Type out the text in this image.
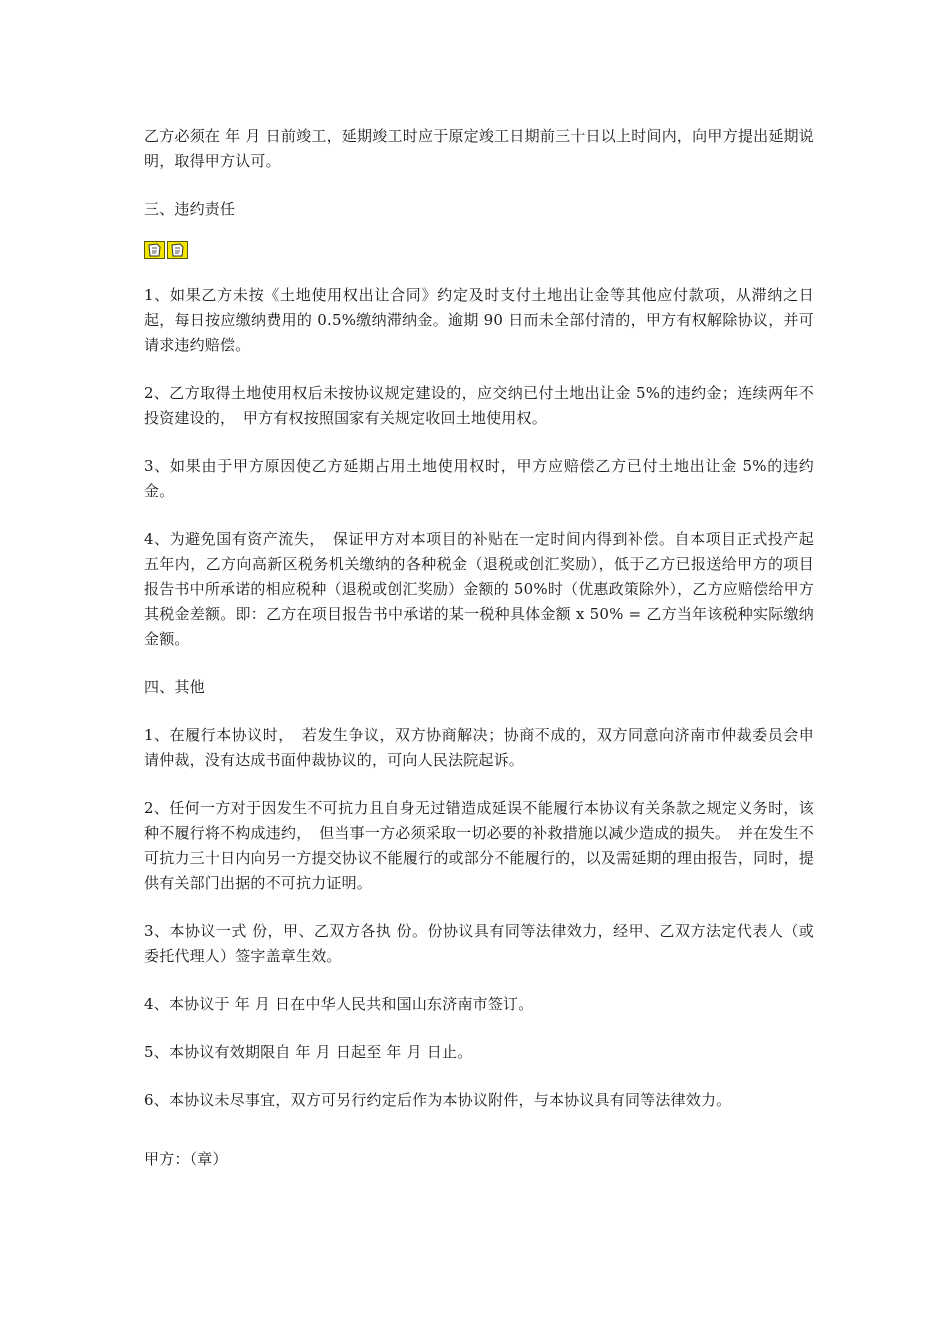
乙方必须在 年 月 日前竣工，延期竣工时应于原定竣工日期前三十日以上时间内，向甲方提出延期说明，取得甲方认可。

三、违约责任

1、如果乙方未按《土地使用权出让合同》约定及时支付土地出让金等其他应付款项，从滞纳之日起，每日按应缴纳费用的 0.5%缴纳滞纳金。逾期 90 日而未全部付清的，甲方有权解除协议，并可请求违约赔偿。

2、乙方取得土地使用权后未按协议规定建设的，应交纳已付土地出让金 5%的违约金；连续两年不投资建设的，　甲方有权按照国家有关规定收回土地使用权。

3、如果由于甲方原因使乙方延期占用土地使用权时，甲方应赔偿乙方已付土地出让金 5%的违约金。

4、为避免国有资产流失，　保证甲方对本项目的补贴在一定时间内得到补偿。自本项目正式投产起五年内，乙方向高新区税务机关缴纳的各种税金（退税或创汇奖励），低于乙方已报送给甲方的项目报告书中所承诺的相应税种（退税或创汇奖励）金额的 50%时（优惠政策除外），乙方应赔偿给甲方其税金差额。即：乙方在项目报告书中承诺的某一税种具体金额 x 50% = 乙方当年该税种实际缴纳金额。

四、其他

1、在履行本协议时，　若发生争议，双方协商解决；协商不成的，双方同意向济南市仲裁委员会申请仲裁，没有达成书面仲裁协议的，可向人民法院起诉。

2、任何一方对于因发生不可抗力且自身无过错造成延误不能履行本协议有关条款之规定义务时，该种不履行将不构成违约，　但当事一方必须采取一切必要的补救措施以减少造成的损失。　并在发生不可抗力三十日内向另一方提交协议不能履行的或部分不能履行的，以及需延期的理由报告，同时，提供有关部门出据的不可抗力证明。

3、本协议一式 份，甲、乙双方各执 份。份协议具有同等法律效力，经甲、乙双方法定代表人（或委托代理人）签字盖章生效。

4、本协议于 年 月 日在中华人民共和国山东济南市签订。

5、本协议有效期限自 年 月 日起至 年 月 日止。

6、本协议未尽事宜，双方可另行约定后作为本协议附件，与本协议具有同等法律效力。

甲方：（章）
